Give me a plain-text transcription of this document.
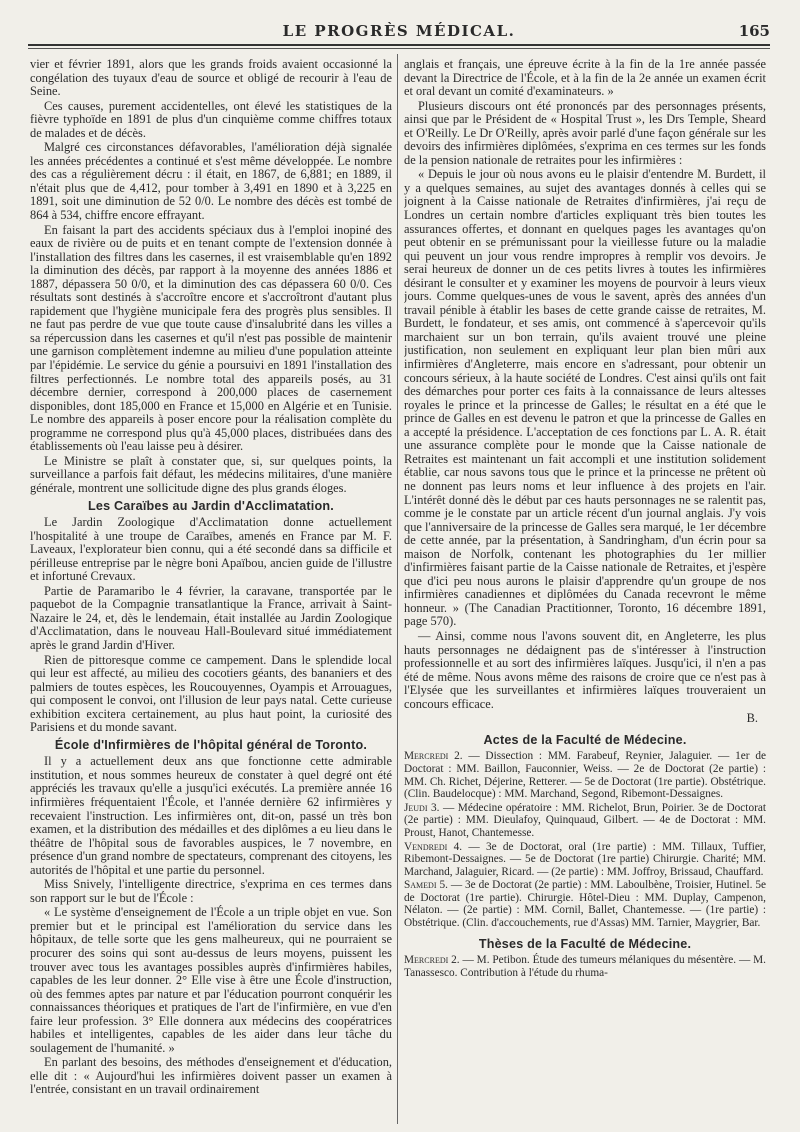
LE PROGRÈS MÉDICAL.	165

vier et février 1891, alors que les grands froids avaient occasionné la congélation des tuyaux d'eau de source et obligé de recourir à l'eau de Seine.

Ces causes, purement accidentelles, ont élevé les statistiques de la fièvre typhoïde en 1891 de plus d'un cinquième comme chiffres totaux de malades et de décès.

Malgré ces circonstances défavorables, l'amélioration déjà signalée les années précédentes a continué et s'est même développée. Le nombre des cas a régulièrement décru : il était, en 1867, de 6,881; en 1889, il n'était plus que de 4,412, pour tomber à 3,491 en 1890 et à 3,225 en 1891, soit une diminution de 52 0/0. Le nombre des décès est tombé de 864 à 534, chiffre encore effrayant.

En faisant la part des accidents spéciaux dus à l'emploi inopiné des eaux de rivière ou de puits et en tenant compte de l'extension donnée à l'installation des filtres dans les casernes, il est vraisemblable qu'en 1892 la diminution des décès, par rapport à la moyenne des années 1886 et 1887, dépassera 50 0/0, et la diminution des cas dépassera 60 0/0. Ces résultats sont destinés à s'accroître encore et s'accroîtront d'autant plus rapidement que l'hygiène municipale fera des progrès plus sensibles. Il ne faut pas perdre de vue que toute cause d'insalubrité dans les villes a sa répercussion dans les casernes et qu'il n'est pas possible de maintenir une garnison complètement indemne au milieu d'une population atteinte par l'épidémie. Le service du génie a poursuivi en 1891 l'installation des filtres perfectionnés. Le nombre total des appareils posés, au 31 décembre dernier, correspond à 200,000 places de casernement disponibles, dont 185,000 en France et 15,000 en Algérie et en Tunisie. Le nombre des appareils à poser encore pour la réalisation complète du programme ne correspond plus qu'à 45,000 places, distribuées dans des établissements où l'eau laisse peu à désirer.

Le Ministre se plaît à constater que, si, sur quelques points, la surveillance a parfois fait défaut, les médecins militaires, d'une manière générale, montrent une sollicitude digne des plus grands éloges.

Les Caraïbes au Jardin d'Acclimatation.

Le Jardin Zoologique d'Acclimatation donne actuellement l'hospitalité à une troupe de Caraïbes, amenés en France par M. F. Laveaux, l'explorateur bien connu, qui a été secondé dans sa difficile et périlleuse entreprise par le nègre boni Apaïbou, ancien guide de l'illustre et infortuné Crevaux.

Partie de Paramaribo le 4 février, la caravane, transportée par le paquebot de la Compagnie transatlantique la France, arrivait à Saint-Nazaire le 24, et, dès le lendemain, était installée au Jardin Zoologique d'Acclimatation, dans le nouveau Hall-Boulevard situé immédiatement après le grand Jardin d'Hiver.

Rien de pittoresque comme ce campement. Dans le splendide local qui leur est affecté, au milieu des cocotiers géants, des bananiers et des palmiers de toutes espèces, les Roucouyennes, Oyampis et Arrouagues, qui composent le convoi, ont l'illusion de leur pays natal. Cette curieuse exhibition excitera certainement, au plus haut point, la curiosité des Parisiens et du monde savant.

École d'Infirmières de l'hôpital général de Toronto.

Il y a actuellement deux ans que fonctionne cette admirable institution, et nous sommes heureux de constater à quel degré ont été appréciés les travaux qu'elle a jusqu'ici exécutés. La première année 16 infirmières fréquentaient l'École, et l'année dernière 62 infirmières y recevaient l'instruction. Les infirmières ont, dit-on, passé un très bon examen, et la distribution des médailles et des diplômes a eu lieu dans le théâtre de l'hôpital sous de favorables auspices, le 7 novembre, en présence d'un grand nombre de spectateurs, comprenant des citoyens, les autorités de l'hôpital et une partie du personnel.

Miss Snively, l'intelligente directrice, s'exprima en ces termes dans son rapport sur le but de l'École :

« Le système d'enseignement de l'École a un triple objet en vue. Son premier but et le principal est l'amélioration du service dans les hôpitaux, de telle sorte que les gens malheureux, qui ne pourraient se procurer des soins qui sont au-dessus de leurs moyens, puissent les trouver avec tous les avantages possibles auprès d'infirmières habiles, capables de les leur donner. 2° Elle vise à être une École d'instruction, où des femmes aptes par nature et par l'éducation pourront conquérir les connaissances théoriques et pratiques de l'art de l'infirmière, en vue d'en faire leur profession. 3° Elle donnera aux médecins des coopératrices habiles et intelligentes, capables de les aider dans leur tâche du soulagement de l'humanité. »

En parlant des besoins, des méthodes d'enseignement et d'éducation, elle dit : « Aujourd'hui les infirmières doivent passer un examen à l'entrée, consistant en un travail ordinairement

anglais et français, une épreuve écrite à la fin de la 1re année passée devant la Directrice de l'École, et à la fin de la 2e année un examen écrit et oral devant un comité d'examinateurs. »

Plusieurs discours ont été prononcés par des personnages présents, ainsi que par le Président de « Hospital Trust », les Drs Temple, Sheard et O'Reilly. Le Dr O'Reilly, après avoir parlé d'une façon générale sur les devoirs des infirmières diplômées, s'exprima en ces termes sur les fonds de la pension nationale de retraites pour les infirmières :

« Depuis le jour où nous avons eu le plaisir d'entendre M. Burdett, il y a quelques semaines, au sujet des avantages donnés à celles qui se joignent à la Caisse nationale de Retraites d'infirmières, j'ai reçu de Londres un certain nombre d'articles expliquant très bien toutes les assurances offertes, et donnant en quelques pages les avantages qu'on peut obtenir en se prémunissant pour la vieillesse future ou la maladie qui peuvent un jour vous rendre impropres à remplir vos devoirs. Je serai heureux de donner un de ces petits livres à toutes les infirmières désirant le consulter et y examiner les moyens de pourvoir à leurs vieux jours. Comme quelques-unes de vous le savent, après des années d'un travail pénible à établir les bases de cette grande caisse de retraites, M. Burdett, le fondateur, et ses amis, ont commencé à s'apercevoir qu'ils marchaient sur un bon terrain, qu'ils avaient trouvé une pleine justification, non seulement en expliquant leur plan bien mûri aux infirmières d'Angleterre, mais encore en s'adressant, pour obtenir un concours sérieux, à la haute société de Londres. C'est ainsi qu'ils ont fait des démarches pour porter ces faits à la connaissance de leurs altesses royales le prince et la princesse de Galles; le résultat en a été que le prince de Galles en est devenu le patron et que la princesse de Galles en a accepté la présidence. L'acceptation de ces fonctions par L. A. R. était une assurance complète pour le monde que la Caisse nationale de Retraites est maintenant un fait accompli et une institution solidement établie, car nous savons tous que le prince et la princesse ne prêtent où ne donnent pas leurs noms et leur influence à des projets en l'air. L'intérêt donné dès le début par ces hauts personnages ne se ralentit pas, comme je le constate par un article récent d'un journal anglais. J'y vois que l'anniversaire de la princesse de Galles sera marqué, le 1er décembre de cette année, par la présentation, à Sandringham, d'un écrin pour sa maison de Norfolk, contenant les photographies du 1er millier d'infirmières faisant partie de la Caisse nationale de Retraites, et j'espère que d'ici peu nous aurons le plaisir d'apprendre qu'un groupe de nos infirmières canadiennes et diplômées du Canada recevront le même honneur. » (The Canadian Practitionner, Toronto, 16 décembre 1891, page 570).

— Ainsi, comme nous l'avons souvent dit, en Angleterre, les plus hauts personnages ne dédaignent pas de s'intéresser à l'instruction professionnelle et au sort des infirmières laïques. Jusqu'ici, il n'en a pas été de même. Nous avons même des raisons de croire que ce n'est pas à l'Elysée que les surveillantes et infirmières laïques trouveraient un concours efficace.

B.
Actes de la Faculté de Médecine.

Mercredi 2. — Dissection : MM. Farabeuf, Reynier, Jalaguier. — 1er de Doctorat : MM. Baillon, Fauconnier, Weiss. — 2e de Doctorat (2e partie) : MM. Ch. Richet, Déjerine, Retterer. — 5e de Doctorat (1re partie). Obstétrique. (Clin. Baudelocque) : MM. Marchand, Segond, Ribemont-Dessaignes.

Jeudi 3. — Médecine opératoire : MM. Richelot, Brun, Poirier. 3e de Doctorat (2e partie) : MM. Dieulafoy, Quinquaud, Gilbert. — 4e de Doctorat : MM. Proust, Hanot, Chantemesse.

Vendredi 4. — 3e de Doctorat, oral (1re partie) : MM. Tillaux, Tuffier, Ribemont-Dessaignes. — 5e de Doctorat (1re partie) Chirurgie. Charité; MM. Marchand, Jalaguier, Ricard. — (2e partie) : MM. Joffroy, Brissaud, Chauffard.

Samedi 5. — 3e de Doctorat (2e partie) : MM. Laboulbène, Troisier, Hutinel. 5e de Doctorat (1re partie). Chirurgie. Hôtel-Dieu : MM. Duplay, Campenon, Nélaton. — (2e partie) : MM. Cornil, Ballet, Chantemesse. — (1re partie) : Obstétrique. (Clin. d'accouchements, rue d'Assas) MM. Tarnier, Maygrier, Bar.

Thèses de la Faculté de Médecine.

Mercredi 2. — M. Petibon. Étude des tumeurs mélaniques du mésentère. — M. Tanassesco. Contribution à l'étude du rhuma-
